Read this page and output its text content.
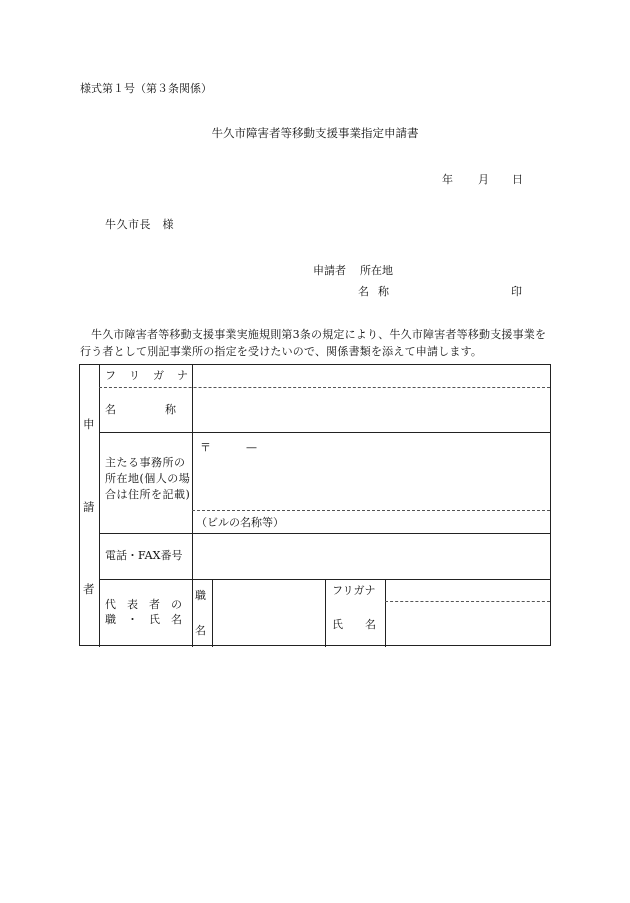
様式第１号（第３条関係）
牛久市障害者等移動支援事業指定申請書
年 月 日
牛久市長　様
申請者 所在地
名称	印
牛久市障害者等移動支援事業実施規則第3条の規定により、牛久市障害者等移動支援事業を行う者として別記事業所の指定を受けたいので、関係書類を添えて申請します。
申
請
者
フ　リ　ガ　ナ
名　　　　称
主たる事務所の所在地(個人の場合は住所を記載)
〒	—
（ビルの名称等）
電話・FAX番号
代　表　者　の
職　・　氏　名
職
名
フリガナ
氏　　名
